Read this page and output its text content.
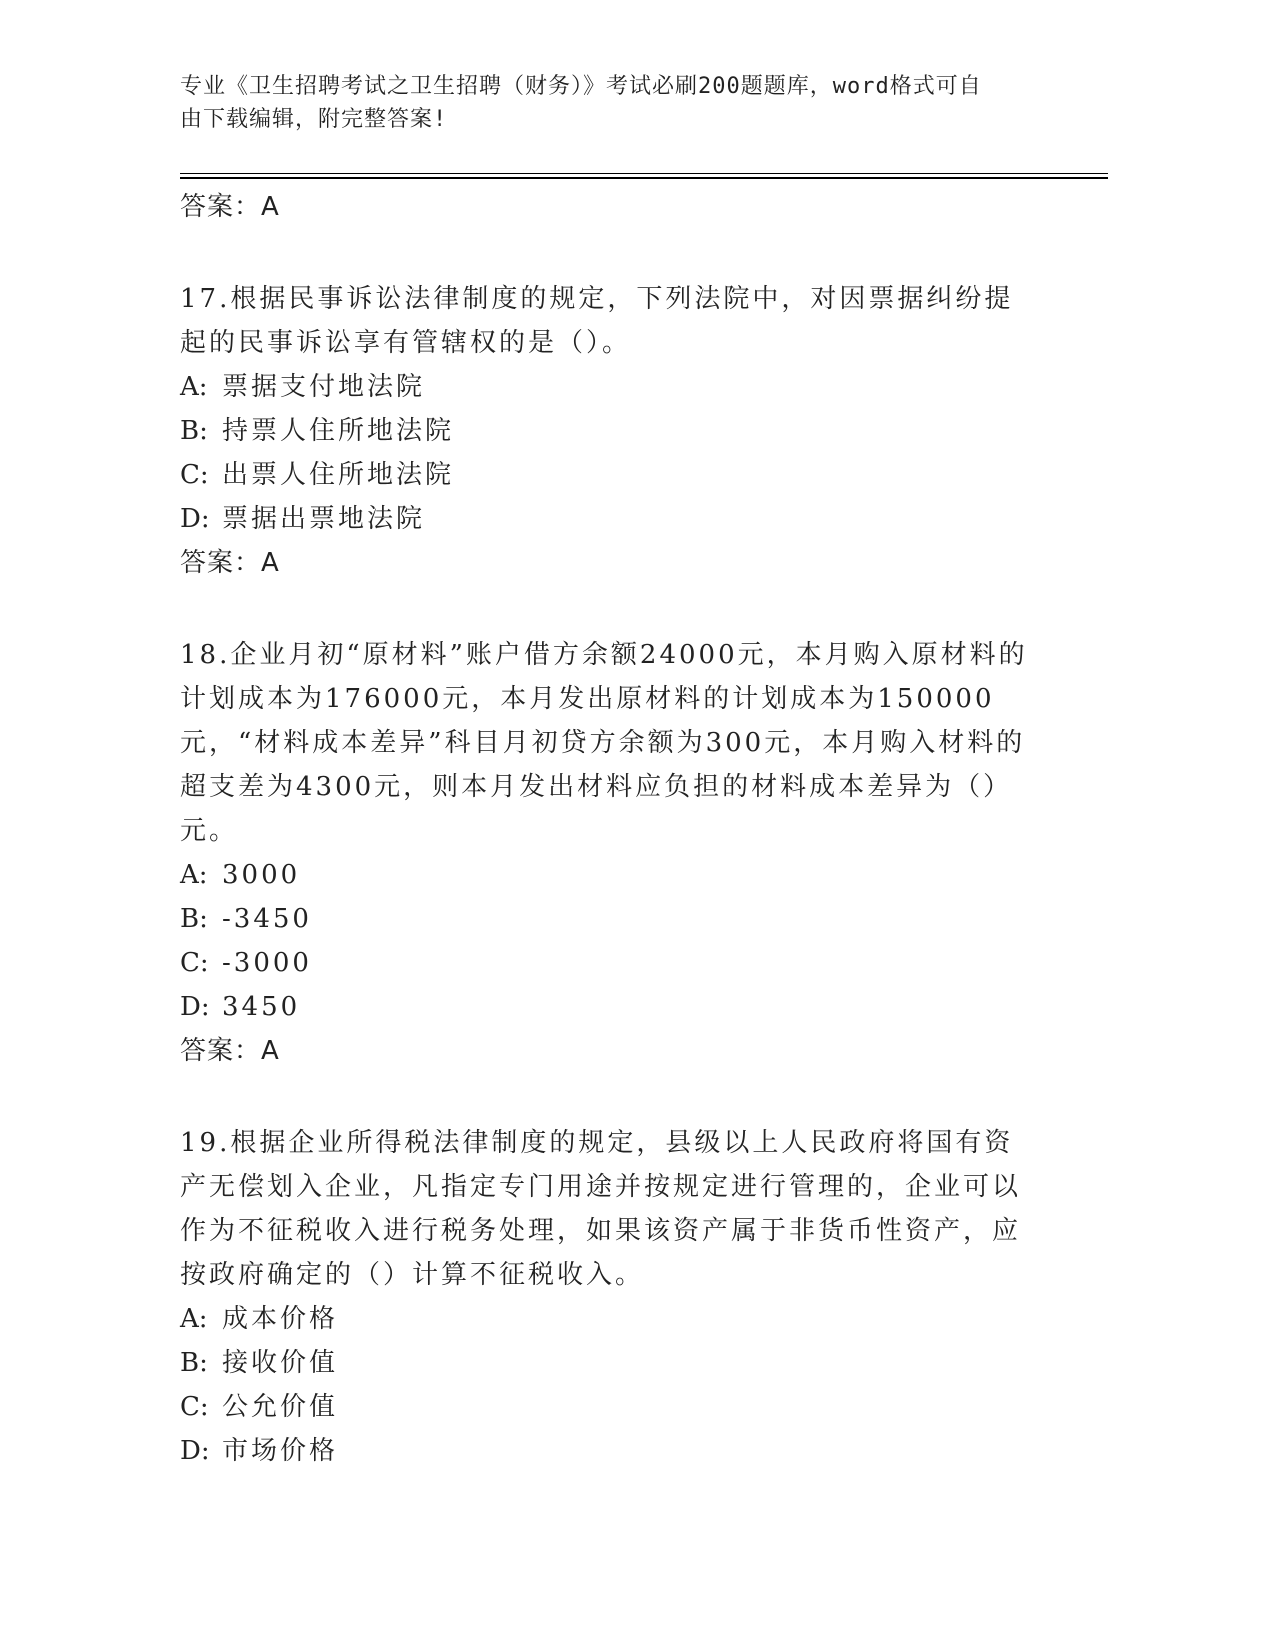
专业《卫生招聘考试之卫生招聘（财务）》考试必刷200题题库，word格式可自
由下载编辑，附完整答案!

答案：A

17.根据民事诉讼法律制度的规定，下列法院中，对因票据纠纷提起的民事诉讼享有管辖权的是（）。

A: 票据支付地法院

B: 持票人住所地法院

C: 出票人住所地法院

D: 票据出票地法院

答案：A

18.企业月初“原材料”账户借方余额24000元，本月购入原材料的计划成本为176000元，本月发出原材料的计划成本为150000元，“材料成本差异”科目月初贷方余额为300元，本月购入材料的超支差为4300元，则本月发出材料应负担的材料成本差异为（）元。

A: 3000

B: -3450

C: -3000

D: 3450

答案：A

19.根据企业所得税法律制度的规定，县级以上人民政府将国有资产无偿划入企业，凡指定专门用途并按规定进行管理的，企业可以作为不征税收入进行税务处理，如果该资产属于非货币性资产，应按政府确定的（）计算不征税收入。

A: 成本价格

B: 接收价值

C: 公允价值

D: 市场价格
